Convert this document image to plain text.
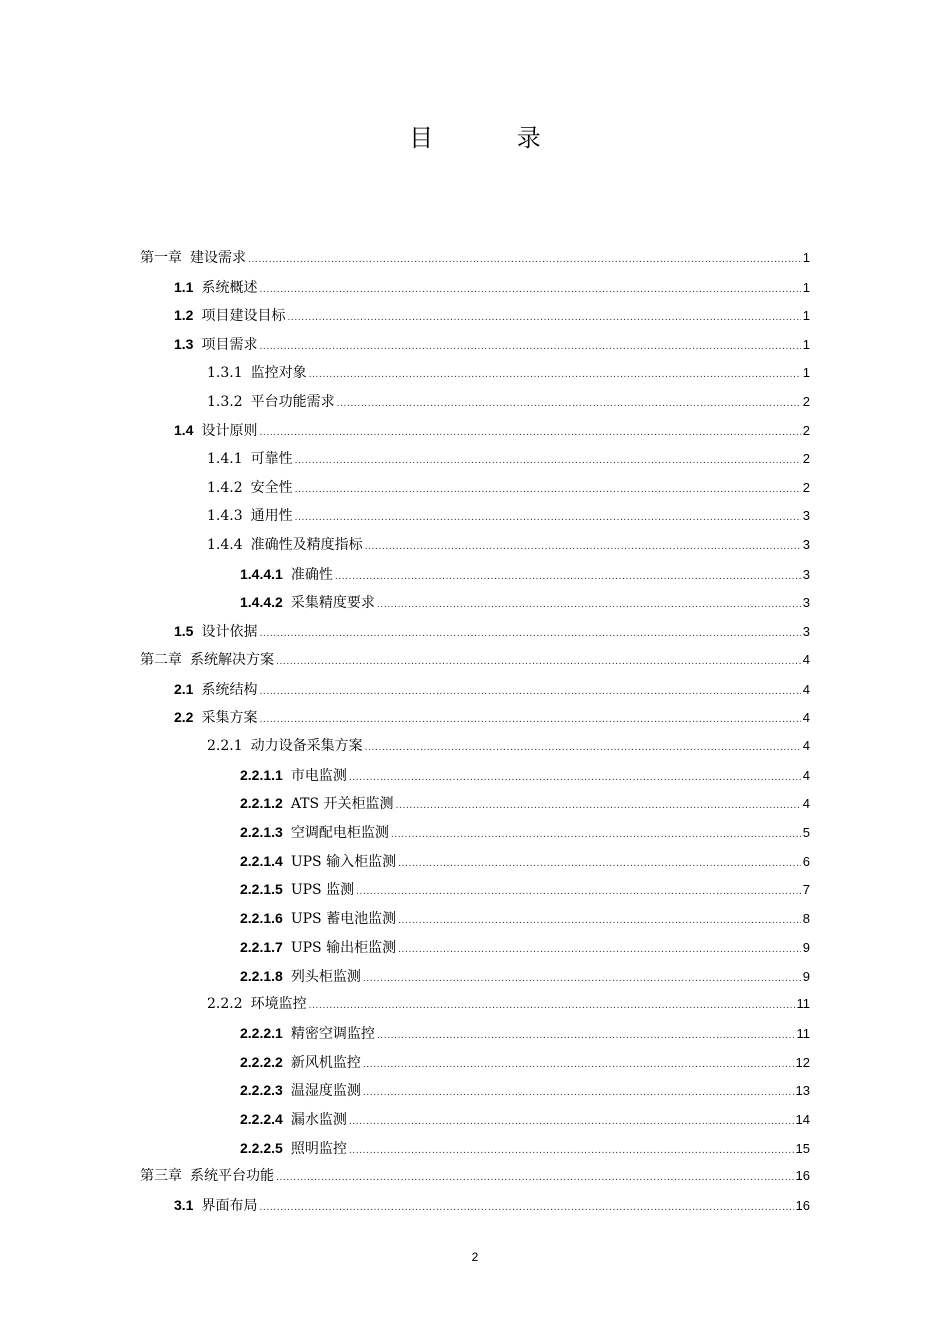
目 录
第一章 建设需求 .....	1
1.1 系统概述 .....	1
1.2 项目建设目标 .....	1
1.3 项目需求 .....	1
1.3.1 监控对象 .....	1
1.3.2 平台功能需求 .....	2
1.4 设计原则 .....	2
1.4.1 可靠性 .....	2
1.4.2 安全性 .....	2
1.4.3 通用性 .....	3
1.4.4 准确性及精度指标 .....	3
1.4.4.1 准确性 .....	3
1.4.4.2 采集精度要求 .....	3
1.5 设计依据 .....	3
第二章 系统解决方案 .....	4
2.1 系统结构 .....	4
2.2 采集方案 .....	4
2.2.1 动力设备采集方案 .....	4
2.2.1.1 市电监测 .....	4
2.2.1.2 ATS 开关柜监测 .....	4
2.2.1.3 空调配电柜监测 .....	5
2.2.1.4 UPS 输入柜监测 .....	6
2.2.1.5 UPS 监测 .....	7
2.2.1.6 UPS 蓄电池监测 .....	8
2.2.1.7 UPS 输出柜监测 .....	9
2.2.1.8 列头柜监测 .....	9
2.2.2 环境监控 .....	11
2.2.2.1 精密空调监控 .....	11
2.2.2.2 新风机监控 .....	12
2.2.2.3 温湿度监测 .....	13
2.2.2.4 漏水监测 .....	14
2.2.2.5 照明监控 .....	15
第三章 系统平台功能 .....	16
3.1 界面布局 .....	16
2
